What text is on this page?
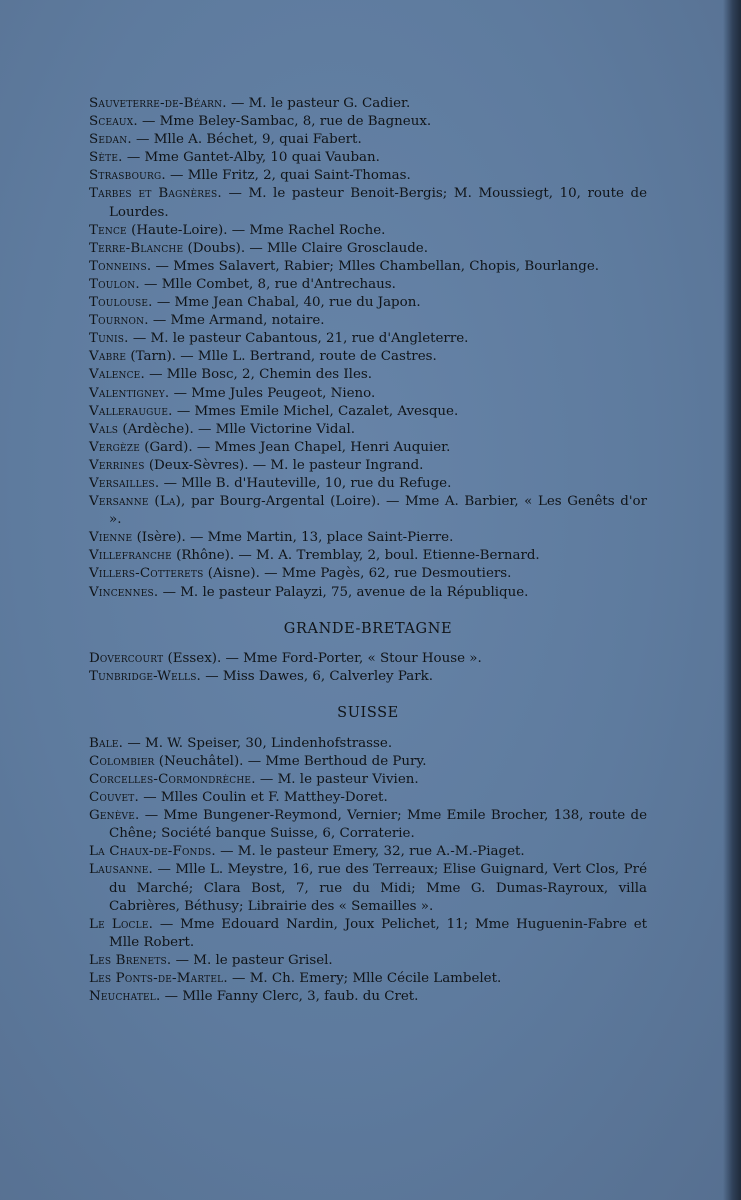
Sauveterre-de-Béarn. — M. le pasteur G. Cadier.
Sceaux. — Mme Beley-Sambac, 8, rue de Bagneux.
Sedan. — Mlle A. Béchet, 9, quai Fabert.
Sète. — Mme Gantet-Alby, 10 quai Vauban.
Strasbourg. — Mlle Fritz, 2, quai Saint-Thomas.
Tarbes et Bagnères. — M. le pasteur Benoit-Bergis; M. Moussiegt, 10, route de Lourdes.
Tence (Haute-Loire). — Mme Rachel Roche.
Terre-Blanche (Doubs). — Mlle Claire Grosclaude.
Tonneins. — Mmes Salavert, Rabier; Mlles Chambellan, Chopis, Bourlange.
Toulon. — Mlle Combet, 8, rue d'Antrechaus.
Toulouse. — Mme Jean Chabal, 40, rue du Japon.
Tournon. — Mme Armand, notaire.
Tunis. — M. le pasteur Cabantous, 21, rue d'Angleterre.
Vabre (Tarn). — Mlle L. Bertrand, route de Castres.
Valence. — Mlle Bosc, 2, Chemin des Iles.
Valentigney. — Mme Jules Peugeot, Nieno.
Valleraugue. — Mmes Emile Michel, Cazalet, Avesque.
Vals (Ardèche). — Mlle Victorine Vidal.
Vergèze (Gard). — Mmes Jean Chapel, Henri Auquier.
Verrines (Deux-Sèvres). — M. le pasteur Ingrand.
Versailles. — Mlle B. d'Hauteville, 10, rue du Refuge.
Versanne (La), par Bourg-Argental (Loire). — Mme A. Barbier, « Les Genêts d'or ».
Vienne (Isère). — Mme Martin, 13, place Saint-Pierre.
Villefranche (Rhône). — M. A. Tremblay, 2, boul. Etienne-Bernard.
Villers-Cotterets (Aisne). — Mme Pagès, 62, rue Desmoutiers.
Vincennes. — M. le pasteur Palayzi, 75, avenue de la République.
GRANDE-BRETAGNE
Dovercourt (Essex). — Mme Ford-Porter, « Stour House ».
Tunbridge-Wells. — Miss Dawes, 6, Calverley Park.
SUISSE
Bale. — M. W. Speiser, 30, Lindenhofstrasse.
Colombier (Neuchâtel). — Mme Berthoud de Pury.
Corcelles-Cormondrèche. — M. le pasteur Vivien.
Couvet. — Mlles Coulin et F. Matthey-Doret.
Genève. — Mme Bungener-Reymond, Vernier; Mme Emile Brocher, 138, route de Chêne; Société banque Suisse, 6, Corraterie.
La Chaux-de-Fonds. — M. le pasteur Emery, 32, rue A.-M.-Piaget.
Lausanne. — Mlle L. Meystre, 16, rue des Terreaux; Elise Guignard, Vert Clos, Pré du Marché; Clara Bost, 7, rue du Midi; Mme G. Dumas-Rayroux, villa Cabrières, Béthusy; Librairie des « Semailles ».
Le Locle. — Mme Edouard Nardin, Joux Pelichet, 11; Mme Huguenin-Fabre et Mlle Robert.
Les Brenets. — M. le pasteur Grisel.
Les Ponts-de-Martel. — M. Ch. Emery; Mlle Cécile Lambelet.
Neuchatel. — Mlle Fanny Clerc, 3, faub. du Cret.
